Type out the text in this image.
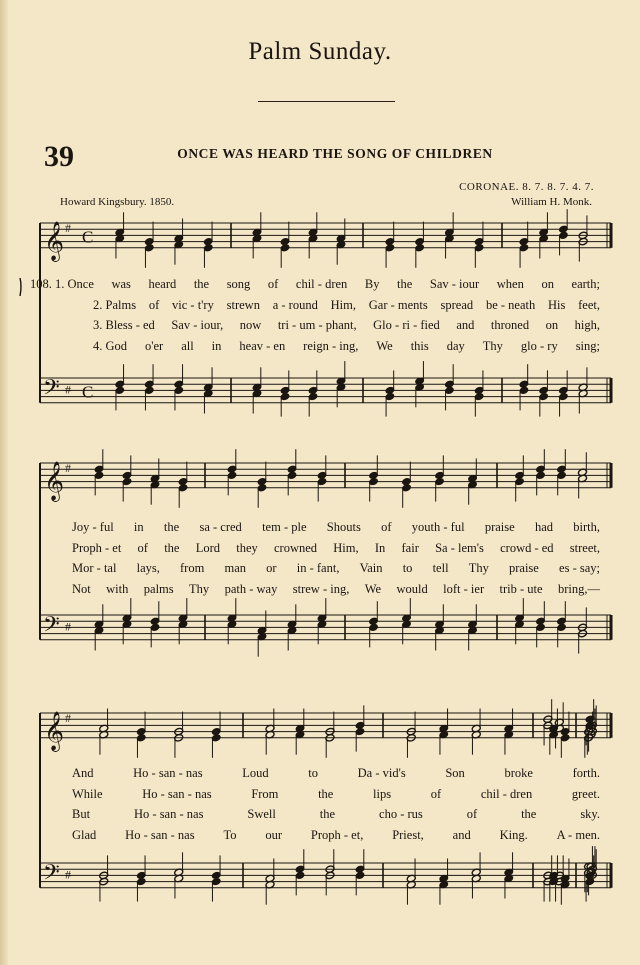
Palm Sunday.
39	ONCE WAS HEARD THE SONG OF CHILDREN
CORONAE. 8. 7. 8. 7. 4. 7.
Howard Kingsbury. 1850.	William H. Monk.
𝄞
𝄢
#
#
C
C
𝄞
𝄢
#
#
𝄞
𝄢
#
#
108. 1. Once was heard the song of chil - dren By the Sav - iour when on earth;
2. Palms of vic - t'ry strewn a - round Him, Gar - ments spread be - neath His feet,
3. Bless - ed Sav - iour, now tri - um - phant, Glo - ri - fied and throned on high,
4. God o'er all in heav - en reign - ing, We this day Thy glo - ry sing;
Joy - ful in the sa - cred tem - ple Shouts of youth - ful praise had birth,
Proph - et of the Lord they crowned Him, In fair Sa - lem's crowd - ed street,
Mor - tal lays, from man or in - fant, Vain to tell Thy praise es - say;
Not with palms Thy path - way strew - ing, We would loft - ier trib - ute bring,—
And	Ho - san - nas	Loud	to	Da - vid's	Son	broke	forth.
While	Ho - san - nas	From	the	lips	of	chil - dren	greet.
But	Ho - san - nas	Swell	the	cho - rus	of	the	sky.
Glad Ho - san - nas To our Proph - et, Priest, and King. A - men.
